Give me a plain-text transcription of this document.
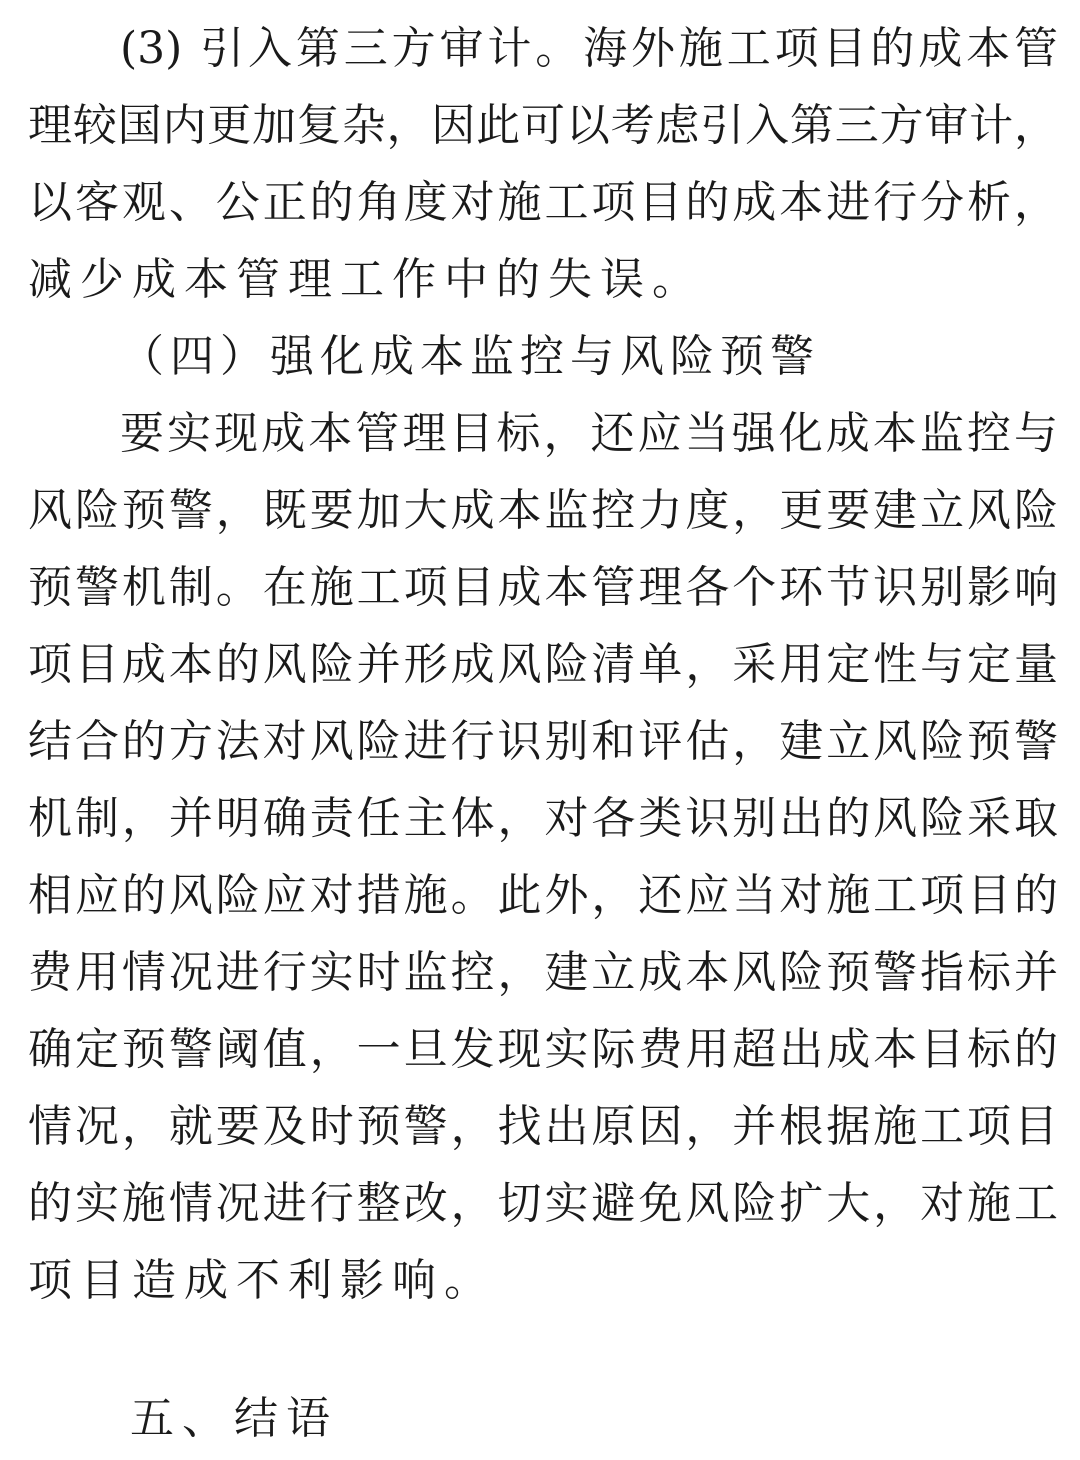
(3) 引入第三方审计。海外施工项目的成本管
理较国内更加复杂，因此可以考虑引入第三方审计，
以客观、公正的角度对施工项目的成本进行分析，
减少成本管理工作中的失误。
（四）强化成本监控与风险预警
要实现成本管理目标，还应当强化成本监控与
风险预警，既要加大成本监控力度，更要建立风险
预警机制。在施工项目成本管理各个环节识别影响
项目成本的风险并形成风险清单，采用定性与定量
结合的方法对风险进行识别和评估，建立风险预警
机制，并明确责任主体，对各类识别出的风险采取
相应的风险应对措施。此外，还应当对施工项目的
费用情况进行实时监控，建立成本风险预警指标并
确定预警阈值，一旦发现实际费用超出成本目标的
情况，就要及时预警，找出原因，并根据施工项目
的实施情况进行整改，切实避免风险扩大，对施工
项目造成不利影响。
五、结语
